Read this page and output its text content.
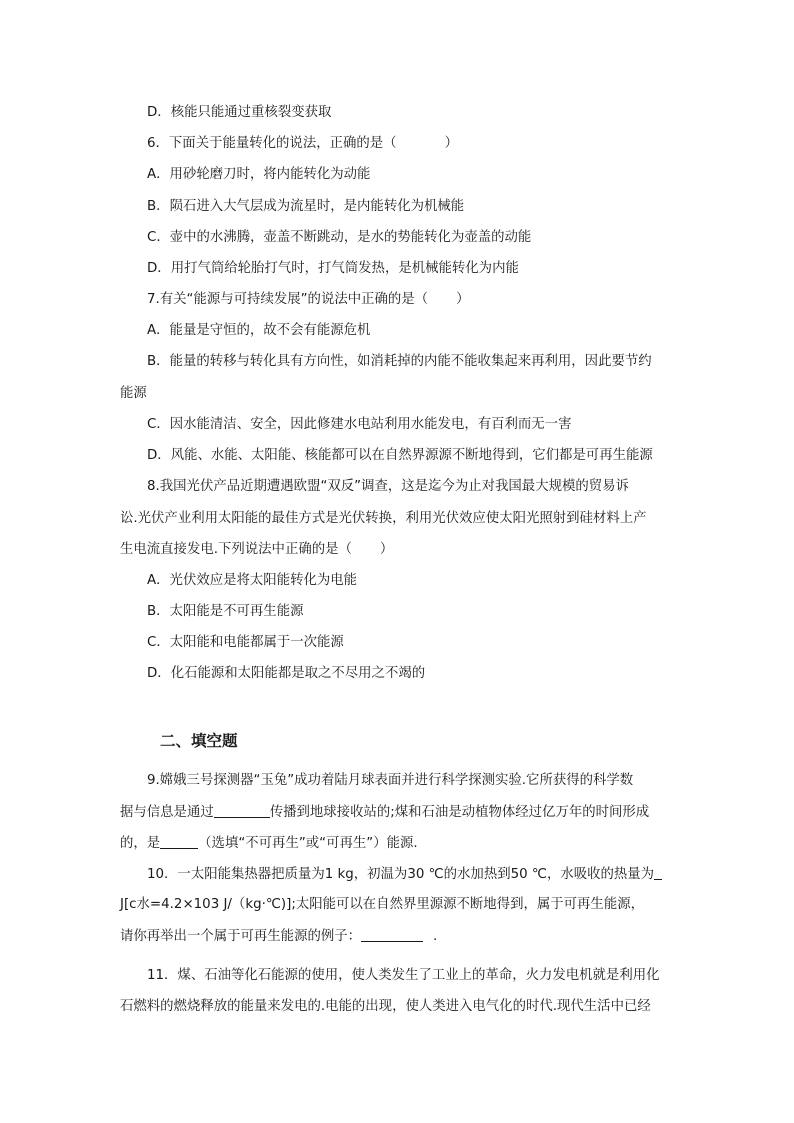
D．核能只能通过重核裂变获取
6．下面关于能量转化的说法，正确的是（	）
A．用砂轮磨刀时，将内能转化为动能
B．陨石进入大气层成为流星时，是内能转化为机械能
C．壶中的水沸腾，壶盖不断跳动，是水的势能转化为壶盖的动能
D．用打气筒给轮胎打气时，打气筒发热，是机械能转化为内能
7.有关“能源与可持续发展”的说法中正确的是（ ）
A．能量是守恒的，故不会有能源危机
B．能量的转移与转化具有方向性，如消耗掉的内能不能收集起来再利用，因此要节约
能源
C．因水能清洁、安全，因此修建水电站利用水能发电，有百利而无一害
D．风能、水能、太阳能、核能都可以在自然界源源不断地得到，它们都是可再生能源
8.我国光伏产品近期遭遇欧盟“双反”调查，这是迄今为止对我国最大规模的贸易诉
讼.光伏产业利用太阳能的最佳方式是光伏转换，利用光伏效应使太阳光照射到硅材料上产
生电流直接发电.下列说法中正确的是（ ）
A．光伏效应是将太阳能转化为电能
B．太阳能是不可再生能源
C．太阳能和电能都属于一次能源
D．化石能源和太阳能都是取之不尽用之不竭的
二、填空题
9.嫦娥三号探测器“玉兔”成功着陆月球表面并进行科学探测实验.它所获得的科学数
据与信息是通过	传播到地球接收站的;煤和石油是动植物体经过亿万年的时间形成
的，是	（选填“不可再生”或“可再生”）能源.
10．一太阳能集热器把质量为1 kg，初温为30 ℃的水加热到50 ℃，水吸收的热量为
J[c水=4.2×103 J/（kg·℃)];太阳能可以在自然界里源源不断地得到，属于可再生能源，
请你再举出一个属于可再生能源的例子：	.
11．煤、石油等化石能源的使用，使人类发生了工业上的革命，火力发电机就是利用化
石燃料的燃烧释放的能量来发电的.电能的出现，使人类进入电气化的时代.现代生活中已经
